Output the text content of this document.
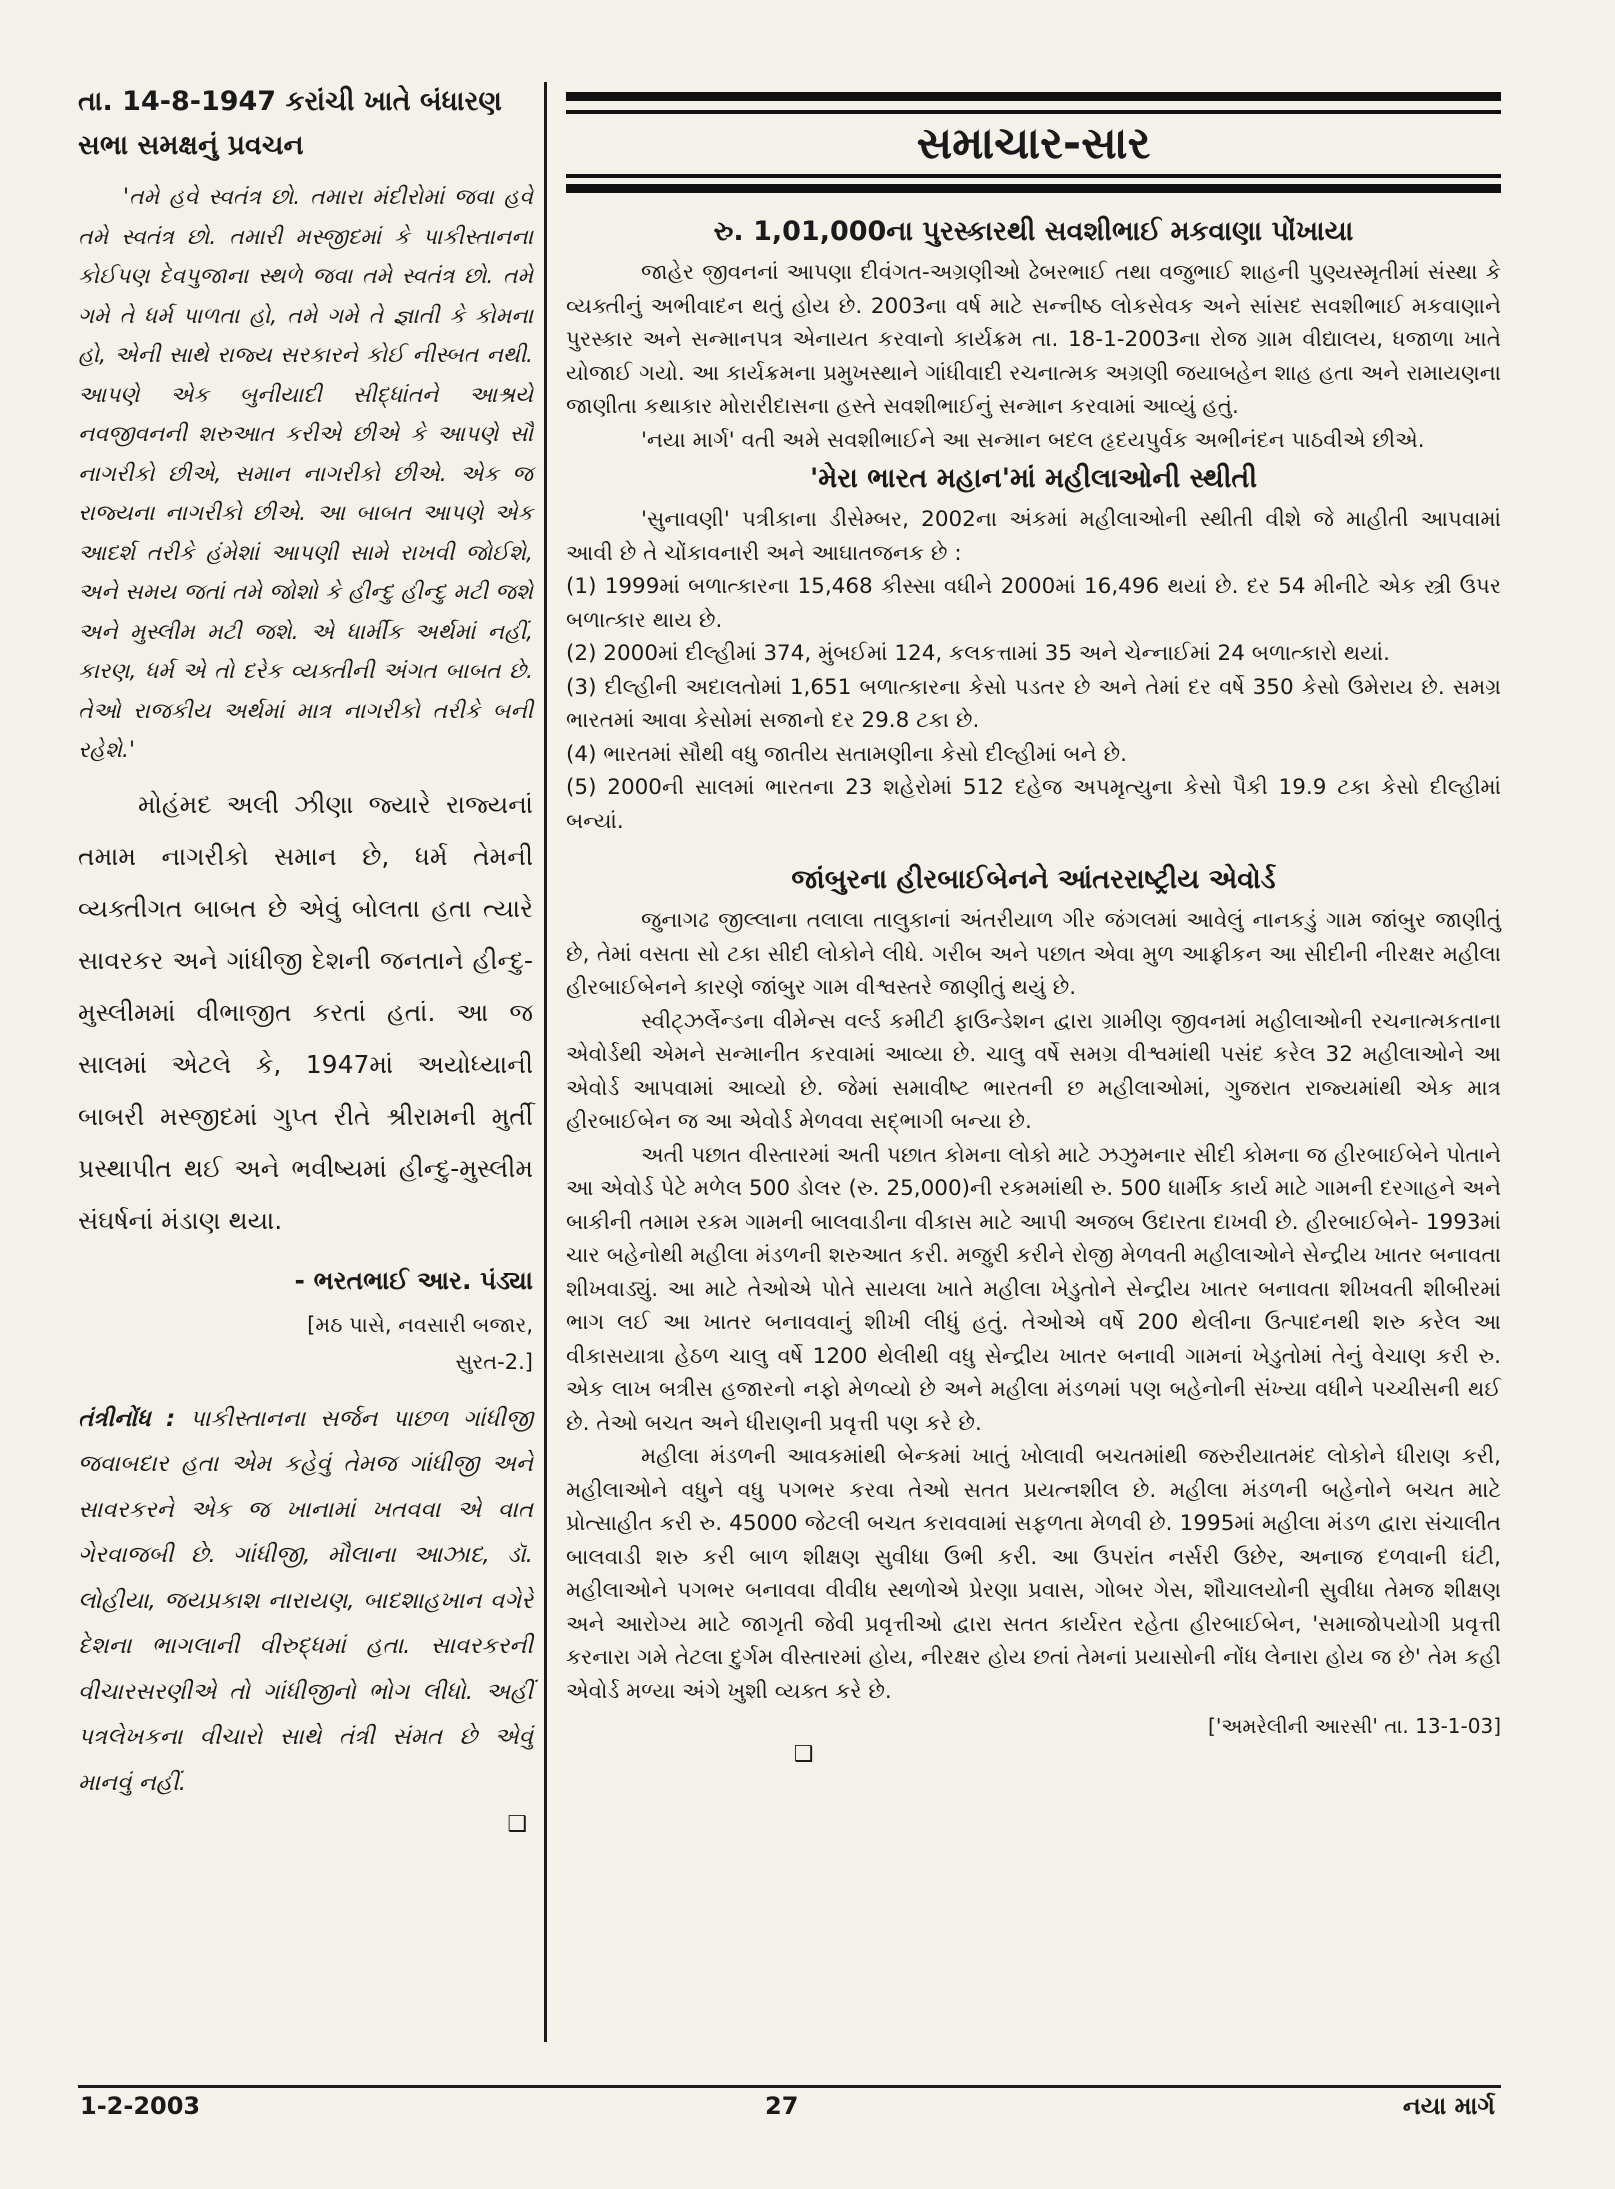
તા. 14-8-1947 કરાંચી ખાતે બંધારણ સભા સમક્ષનું પ્રવચન

'તમે હવે સ્વતંત્ર છો. તમારા મંદીરોમાં જવા હવે તમે સ્વતંત્ર છો. તમારી મસ્જીદમાં કે પાકીસ્તાનના કોઈપણ દેવપુજાના સ્થળે જવા તમે સ્વતંત્ર છો. તમે ગમે તે ધર્મ પાળતા હો, તમે ગમે તે જ્ઞાતી કે કોમના હો, એની સાથે રાજ્ય સરકારને કોઈ નીસ્બત નથી. આપણે એક બુનીયાદી સીદ્ધાંતને આશ્રયે નવજીવનની શરુઆત કરીએ છીએ કે આપણે સૌ નાગરીકો છીએ, સમાન નાગરીકો છીએ. એક જ રાજ્યના નાગરીકો છીએ. આ બાબત આપણે એક આદર્શ તરીકે હંમેશાં આપણી સામે રાખવી જોઈશે, અને સમય જતાં તમે જોશો કે હીન્દુ હીન્દુ મટી જશે અને મુસ્લીમ મટી જશે. એ ધાર્મીક અર્થમાં નહીં, કારણ, ધર્મ એ તો દરેક વ્યક્તીની અંગત બાબત છે. તેઓ રાજકીય અર્થમાં માત્ર નાગરીકો તરીકે બની રહેશે.'

મોહંમદ અલી ઝીણા જ્યારે રાજ્યનાં તમામ નાગરીકો સમાન છે, ધર્મ તેમની વ્યક્તીગત બાબત છે એવું બોલતા હતા ત્યારે સાવરકર અને ગાંધીજી દેશની જનતાને હીન્દુ-મુસ્લીમમાં વીભાજીત કરતાં હતાં. આ જ સાલમાં એટલે કે, 1947માં અયોધ્યાની બાબરી મસ્જીદમાં ગુપ્ત રીતે શ્રીરામની મુર્તી પ્રસ્થાપીત થઈ અને ભવીષ્યમાં હીન્દુ-મુસ્લીમ સંઘર્ષનાં મંડાણ થયા.

- ભરતભાઈ આર. પંડ્યા

[મઠ પાસે, નવસારી બજાર,

સુરત-2.]

તંત્રીનોંધ : પાકીસ્તાનના સર્જન પાછળ ગાંધીજી જવાબદાર હતા એમ કહેવું તેમજ ગાંધીજી અને સાવરકરને એક જ ખાનામાં ખતવવા એ વાત ગેરવાજબી છે. ગાંધીજી, મૌલાના આઝાદ, ડૉ. લોહીયા, જયપ્રકાશ નારાયણ, બાદશાહખાન વગેરે દેશના ભાગલાની વીરુદ્ધમાં હતા. સાવરકરની વીચારસરણીએ તો ગાંધીજીનો ભોગ લીધો. અહીં પત્રલેખકના વીચારો સાથે તંત્રી સંમત છે એવું માનવું નહીં.

❑

સમાચાર-સાર

રુ. 1,01,000ના પુરસ્કારથી સવશીભાઈ મકવાણા પોંખાયા

જાહેર જીવનનાં આપણા દીવંગત-અગ્રણીઓ ઢેબરભાઈ તથા વજુભાઈ શાહની પુણ્યસ્મૃતીમાં સંસ્થા કે વ્યક્તીનું અભીવાદન થતું હોય છે. 2003ના વર્ષ માટે સન્નીષ્ઠ લોકસેવક અને સાંસદ સવશીભાઈ મકવાણાને પુરસ્કાર અને સન્માનપત્ર એનાયત કરવાનો કાર્યક્રમ તા. 18-1-2003ના રોજ ગ્રામ વીદ્યાલય, ધજાળા ખાતે યોજાઈ ગયો. આ કાર્યક્રમના પ્રમુખસ્થાને ગાંધીવાદી રચનાત્મક અગ્રણી જયાબહેન શાહ હતા અને રામાયણના જાણીતા કથાકાર મોરારીદાસના હસ્તે સવશીભાઈનું સન્માન કરવામાં આવ્યું હતું.

'નયા માર્ગ' વતી અમે સવશીભાઈને આ સન્માન બદલ હૃદયપુર્વક અભીનંદન પાઠવીએ છીએ.

'મેરા ભારત મહાન'માં મહીલાઓની સ્થીતી

'સુનાવણી' પત્રીકાના ડીસેમ્બર, 2002ના અંકમાં મહીલાઓની સ્થીતી વીશે જે માહીતી આપવામાં આવી છે તે ચોંકાવનારી અને આઘાતજનક છે :

(1) 1999માં બળાત્કારના 15,468 કીસ્સા વધીને 2000માં 16,496 થયાં છે. દર 54 મીનીટે એક સ્ત્રી ઉપર બળાત્કાર થાય છે.

(2) 2000માં દીલ્હીમાં 374, મુંબઈમાં 124, કલકત્તામાં 35 અને ચેન્નાઈમાં 24 બળાત્કારો થયાં.

(3) દીલ્હીની અદાલતોમાં 1,651 બળાત્કારના કેસો પડતર છે અને તેમાં દર વર્ષે 350 કેસો ઉમેરાય છે. સમગ્ર ભારતમાં આવા કેસોમાં સજાનો દર 29.8 ટકા છે.

(4) ભારતમાં સૌથી વધુ જાતીય સતામણીના કેસો દીલ્હીમાં બને છે.

(5) 2000ની સાલમાં ભારતના 23 શહેરોમાં 512 દહેજ અપમૃત્યુના કેસો પૈકી 19.9 ટકા કેસો દીલ્હીમાં બન્યાં.

જાંબુરના હીરબાઈબેનને આંતરરાષ્ટ્રીય એવોર્ડ

જુનાગઢ જીલ્લાના તલાલા તાલુકાનાં અંતરીયાળ ગીર જંગલમાં આવેલું નાનકડું ગામ જાંબુર જાણીતું છે, તેમાં વસતા સો ટકા સીદી લોકોને લીધે. ગરીબ અને પછાત એવા મુળ આફ્રીકન આ સીદીની નીરક્ષર મહીલા હીરબાઈબેનને કારણે જાંબુર ગામ વીશ્વસ્તરે જાણીતું થયું છે.

સ્વીટ્ઝર્લેન્ડના વીમેન્સ વર્લ્ડ કમીટી ફાઉન્ડેશન દ્વારા ગ્રામીણ જીવનમાં મહીલાઓની રચનાત્મકતાના એવોર્ડથી એમને સન્માનીત કરવામાં આવ્યા છે. ચાલુ વર્ષે સમગ્ર વીશ્વમાંથી પસંદ કરેલ 32 મહીલાઓને આ એવોર્ડ આપવામાં આવ્યો છે. જેમાં સમાવીષ્ટ ભારતની છ મહીલાઓમાં, ગુજરાત રાજ્યમાંથી એક માત્ર હીરબાઈબેન જ આ એવોર્ડ મેળવવા સદ્ભાગી બન્યા છે.

અતી પછાત વીસ્તારમાં અતી પછાત કોમના લોકો માટે ઝઝુમનાર સીદી કોમના જ હીરબાઈબેને પોતાને આ એવોર્ડ પેટે મળેલ 500 ડોલર (રુ. 25,000)ની રકમમાંથી રુ. 500 ધાર્મીક કાર્ય માટે ગામની દરગાહને અને બાકીની તમામ રકમ ગામની બાલવાડીના વીકાસ માટે આપી અજબ ઉદારતા દાખવી છે. હીરબાઈબેને- 1993માં ચાર બહેનોથી મહીલા મંડળની શરુઆત કરી. મજુરી કરીને રોજી મેળવતી મહીલાઓને સેન્દ્રીય ખાતર બનાવતા શીખવાડ્યું. આ માટે તેઓએ પોતે સાયલા ખાતે મહીલા ખેડુતોને સેન્દ્રીય ખાતર બનાવતા શીખવતી શીબીરમાં ભાગ લઈ આ ખાતર બનાવવાનું શીખી લીધું હતું. તેઓએ વર્ષે 200 થેલીના ઉત્પાદનથી શરુ કરેલ આ વીકાસયાત્રા હેઠળ ચાલુ વર્ષે 1200 થેલીથી વધુ સેન્દ્રીય ખાતર બનાવી ગામનાં ખેડુતોમાં તેનું વેચાણ કરી રુ. એક લાખ બત્રીસ હજારનો નફો મેળવ્યો છે અને મહીલા મંડળમાં પણ બહેનોની સંખ્યા વધીને પચ્ચીસની થઈ છે. તેઓ બચત અને ધીરાણની પ્રવૃત્તી પણ કરે છે.

મહીલા મંડળની આવકમાંથી બેન્કમાં ખાતું ખોલાવી બચતમાંથી જરુરીયાતમંદ લોકોને ધીરાણ કરી, મહીલાઓને વધુને વધુ પગભર કરવા તેઓ સતત પ્રયત્નશીલ છે. મહીલા મંડળની બહેનોને બચત માટે પ્રોત્સાહીત કરી રુ. 45000 જેટલી બચત કરાવવામાં સફળતા મેળવી છે. 1995માં મહીલા મંડળ દ્વારા સંચાલીત બાલવાડી શરુ કરી બાળ શીક્ષણ સુવીધા ઉભી કરી. આ ઉપરાંત નર્સરી ઉછેર, અનાજ દળવાની ઘંટી, મહીલાઓને પગભર બનાવવા વીવીધ સ્થળોએ પ્રેરણા પ્રવાસ, ગોબર ગેસ, શૌચાલયોની સુવીધા તેમજ શીક્ષણ અને આરોગ્ય માટે જાગૃતી જેવી પ્રવૃત્તીઓ દ્વારા સતત કાર્યરત રહેતા હીરબાઈબેન, 'સમાજોપયોગી પ્રવૃત્તી કરનારા ગમે તેટલા દુર્ગમ વીસ્તારમાં હોય, નીરક્ષર હોય છતાં તેમનાં પ્રયાસોની નોંધ લેનારા હોય જ છે' તેમ કહી એવોર્ડ મળ્યા અંગે ખુશી વ્યક્ત કરે છે.

['અમરેલીની આરસી' તા. 13-1-03]

❑

1-2-2003	27	નયા માર્ગ
